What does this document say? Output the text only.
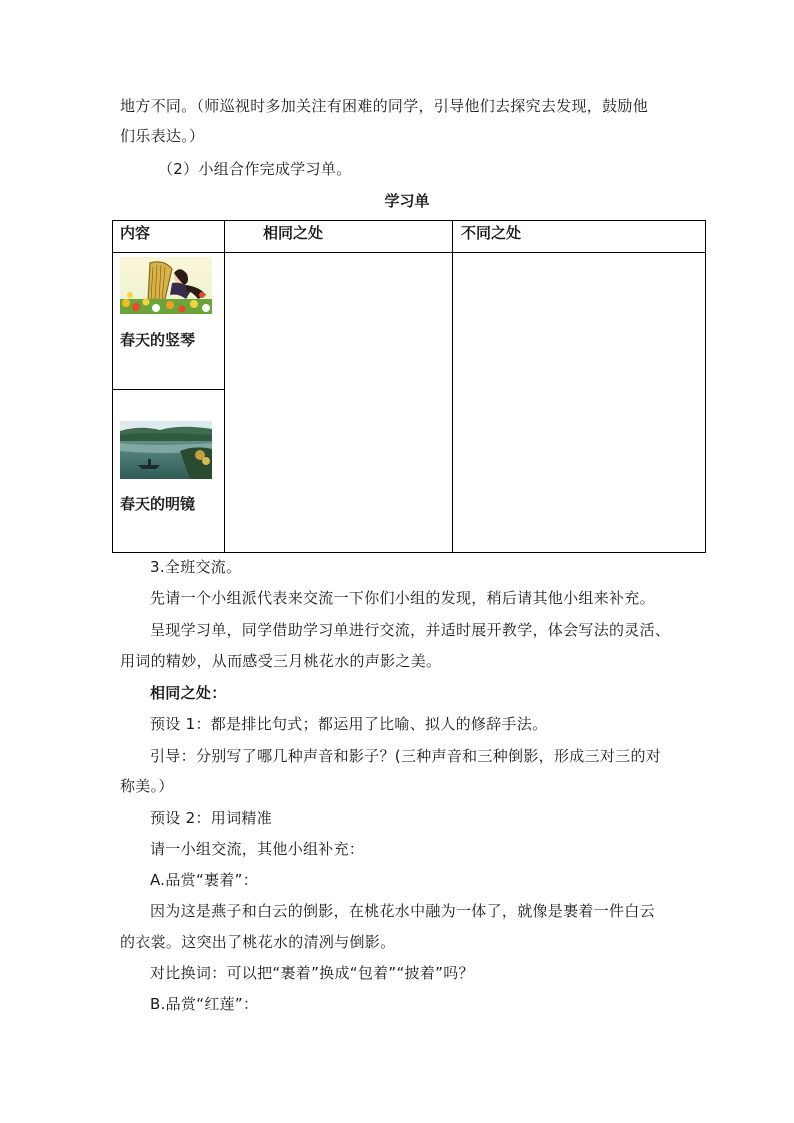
地方不同。（师巡视时多加关注有困难的同学，引导他们去探究去发现，鼓励他
们乐表达。）
（2）小组合作完成学习单。
学习单
内容	相同之处	不同之处
春天的竖琴
春天的明镜
3.全班交流。
先请一个小组派代表来交流一下你们小组的发现，稍后请其他小组来补充。
呈现学习单，同学借助学习单进行交流，并适时展开教学，体会写法的灵活、
用词的精妙，从而感受三月桃花水的声影之美。
相同之处：
预设 1：都是排比句式；都运用了比喻、拟人的修辞手法。
引导：分别写了哪几种声音和影子？(三种声音和三种倒影，形成三对三的对
称美。）
预设 2：用词精准
请一小组交流，其他小组补充：
A.品赏“裹着”：
因为这是燕子和白云的倒影，在桃花水中融为一体了，就像是裹着一件白云
的衣裳。这突出了桃花水的清冽与倒影。
对比换词：可以把“裹着”换成“包着”“披着”吗？
B.品赏“红莲”：
